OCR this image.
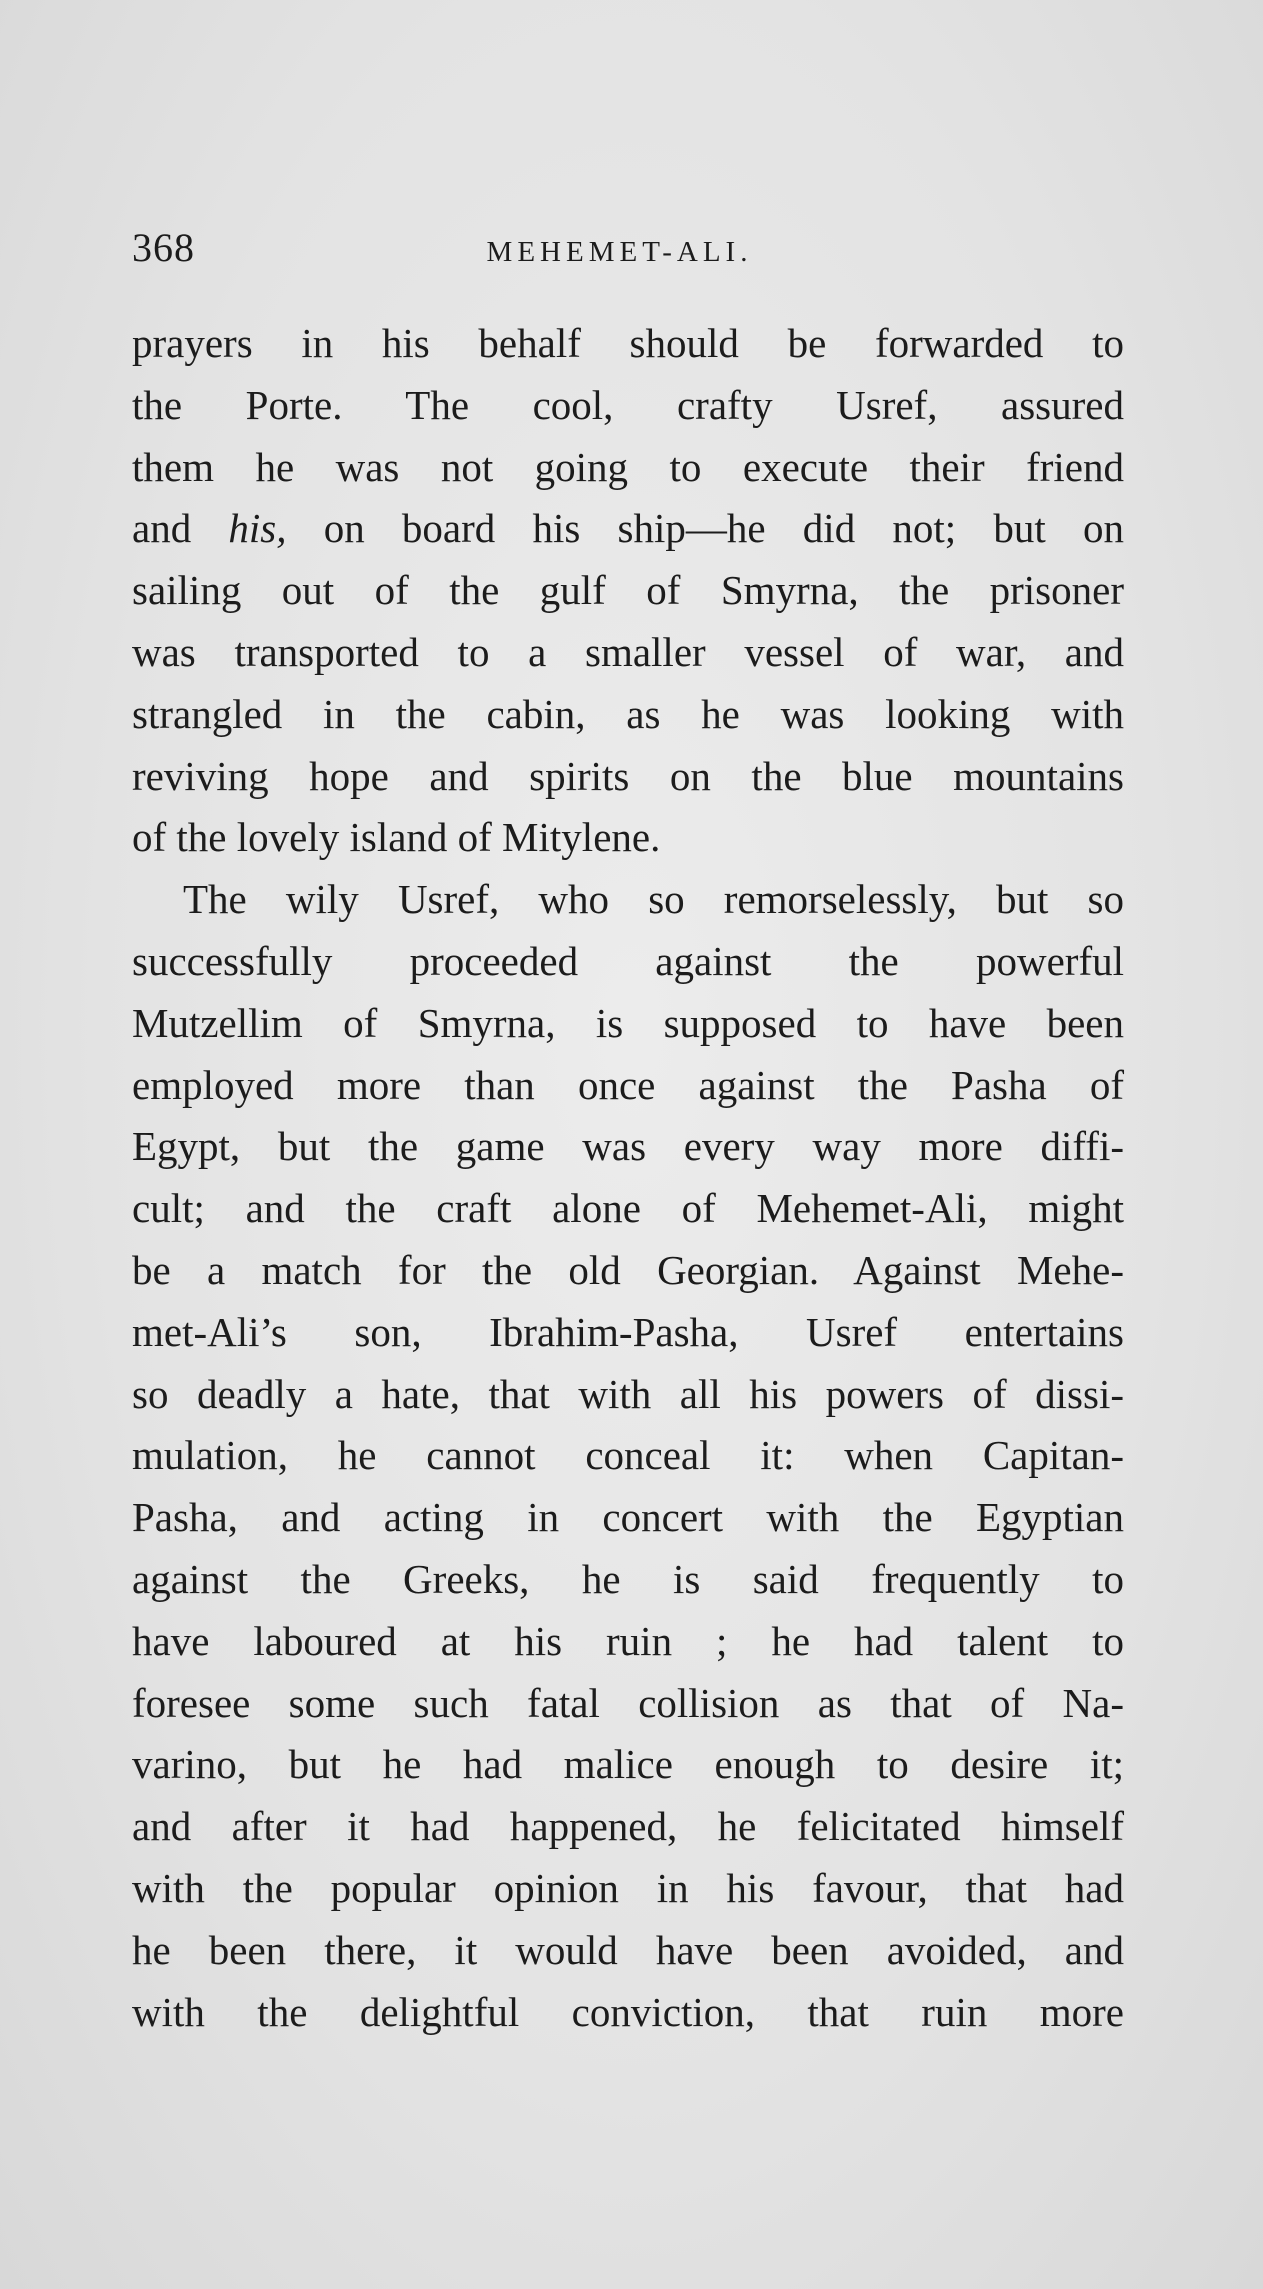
368	MEHEMET-ALI.
prayers in his behalf should be forwarded to
the Porte. The cool, crafty Usref, assured
them he was not going to execute their friend
and his, on board his ship—he did not; but on
sailing out of the gulf of Smyrna, the prisoner
was transported to a smaller vessel of war, and
strangled in the cabin, as he was looking with
reviving hope and spirits on the blue mountains
of the lovely island of Mitylene.
The wily Usref, who so remorselessly, but so
successfully proceeded against the powerful
Mutzellim of Smyrna, is supposed to have been
employed more than once against the Pasha of
Egypt, but the game was every way more diffi-
cult; and the craft alone of Mehemet-Ali, might
be a match for the old Georgian. Against Mehe-
met-Ali’s son, Ibrahim-Pasha, Usref entertains
so deadly a hate, that with all his powers of dissi-
mulation, he cannot conceal it: when Capitan-
Pasha, and acting in concert with the Egyptian
against the Greeks, he is said frequently to
have laboured at his ruin ; he had talent to
foresee some such fatal collision as that of Na-
varino, but he had malice enough to desire it;
and after it had happened, he felicitated himself
with the popular opinion in his favour, that had
he been there, it would have been avoided, and
with the delightful conviction, that ruin more
